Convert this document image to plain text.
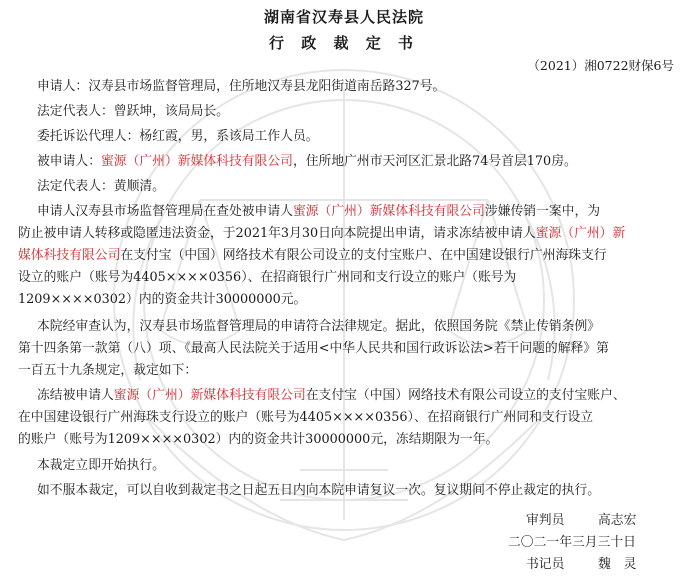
湖南省汉寿县人民法院
行 政 裁 定 书
（2021）湘0722财保6号
申请人：汉寿县市场监督管理局，住所地汉寿县龙阳街道南岳路327号。
法定代表人：曾跃坤，该局局长。
委托诉讼代理人：杨红霞，男，系该局工作人员。
被申请人：蜜源（广州）新媒体科技有限公司，住所地广州市天河区汇景北路74号首层170房。
法定代表人：黄顺清。
申请人汉寿县市场监督管理局在查处被申请人蜜源（广州）新媒体科技有限公司涉嫌传销一案中，为
防止被申请人转移或隐匿违法资金，于2021年3月30日向本院提出申请，请求冻结被申请人蜜源（广州）新
媒体科技有限公司在支付宝（中国）网络技术有限公司设立的支付宝账户、在中国建设银行广州海珠支行
设立的账户（账号为4405××××0356）、在招商银行广州同和支行设立的账户（账号为
1209××××0302）内的资金共计30000000元。
本院经审查认为，汉寿县市场监督管理局的申请符合法律规定。据此，依照国务院《禁止传销条例》
第十四条第一款第（八）项、《最高人民法院关于适用<中华人民共和国行政诉讼法>若干问题的解释》第
一百五十九条规定，裁定如下：
冻结被申请人蜜源（广州）新媒体科技有限公司在支付宝（中国）网络技术有限公司设立的支付宝账户、
在中国建设银行广州海珠支行设立的账户（账号为4405××××0356）、在招商银行广州同和支行设立
的账户（账号为1209××××0302）内的资金共计30000000元，冻结期限为一年。
本裁定立即开始执行。
如不服本裁定，可以自收到裁定书之日起五日内向本院申请复议一次。复议期间不停止裁定的执行。
审判员	高志宏
二〇二一年三月三十日
书记员	魏　灵
